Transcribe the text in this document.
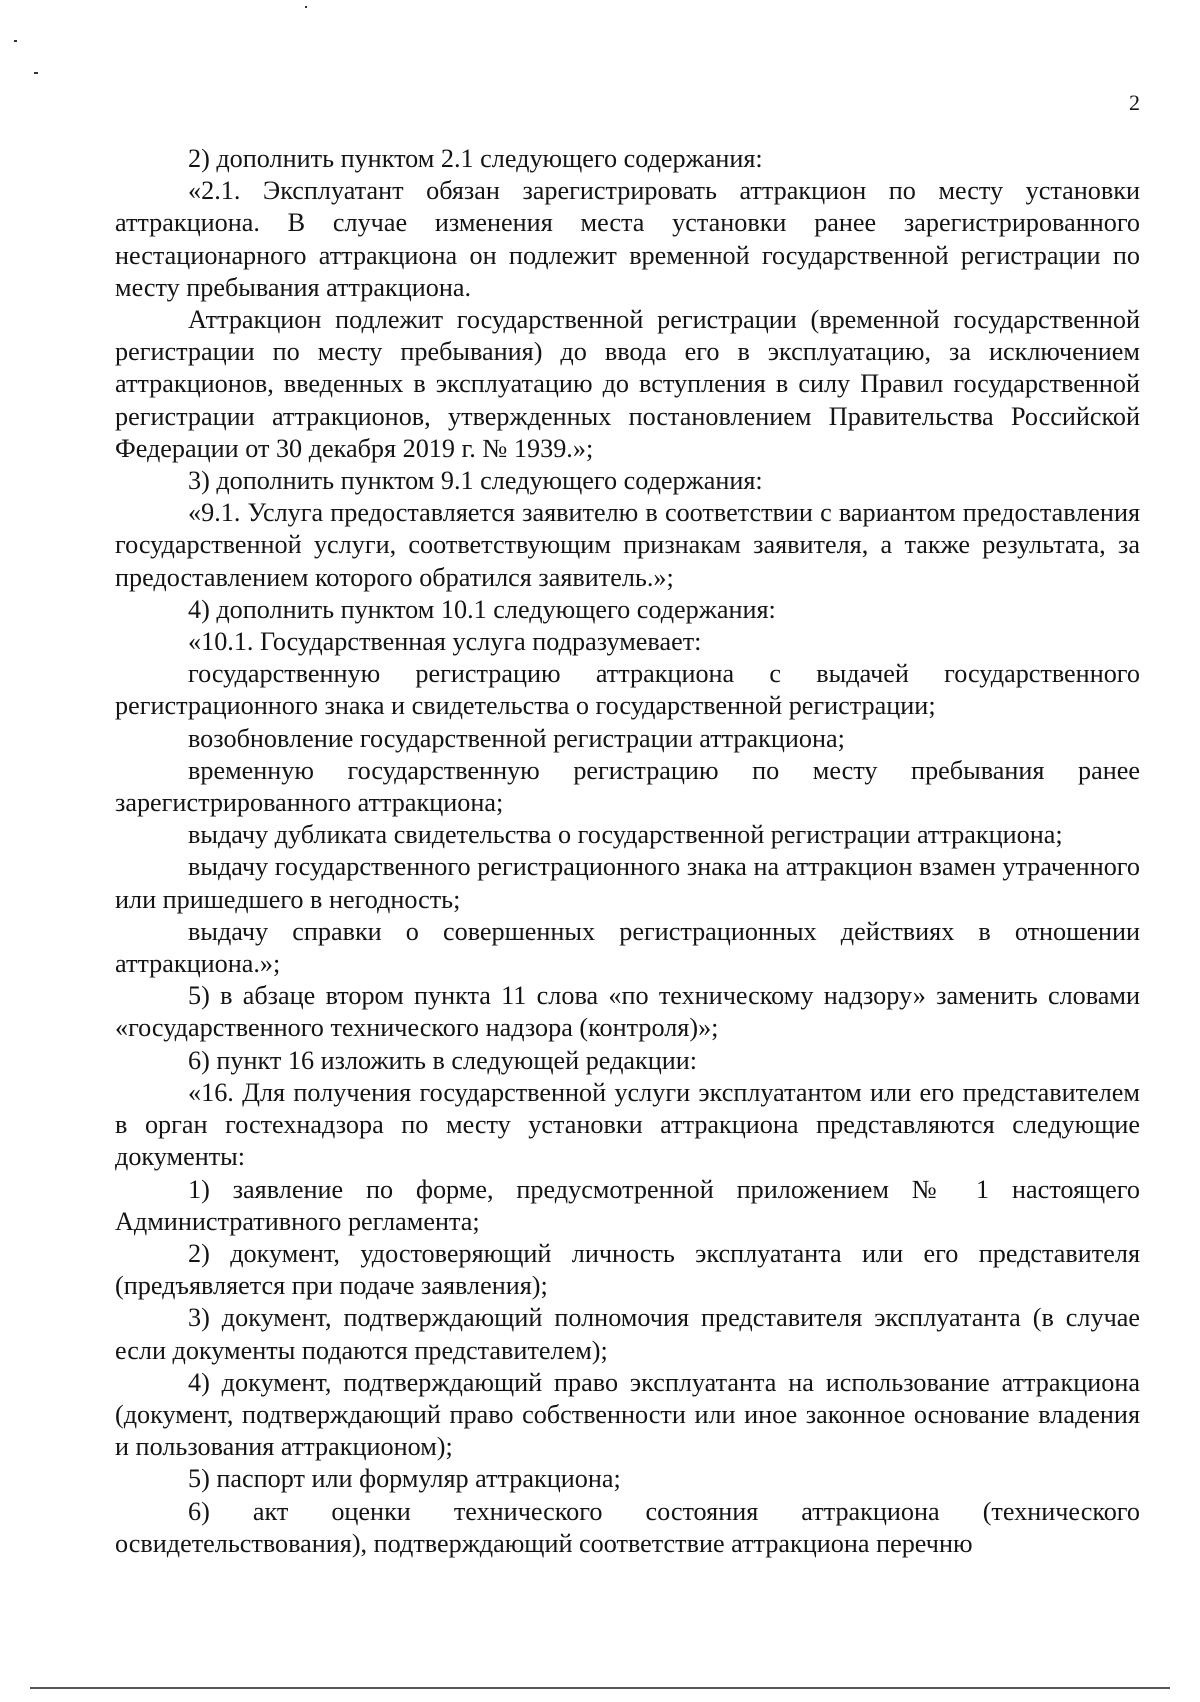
2

2) дополнить пунктом 2.1 следующего содержания:

«2.1. Эксплуатант обязан зарегистрировать аттракцион по месту установки аттракциона. В случае изменения места установки ранее зарегистрированного нестационарного аттракциона он подлежит временной государственной регистрации по месту пребывания аттракциона.

Аттракцион подлежит государственной регистрации (временной государственной регистрации по месту пребывания) до ввода его в эксплуатацию, за исключением аттракционов, введенных в эксплуатацию до вступления в силу Правил государственной регистрации аттракционов, утвержденных постановлением Правительства Российской Федерации от 30 декабря 2019 г. № 1939.»;

3) дополнить пунктом 9.1 следующего содержания:

«9.1. Услуга предоставляется заявителю в соответствии с вариантом предоставления государственной услуги, соответствующим признакам заявителя, а также результата, за предоставлением которого обратился заявитель.»;

4) дополнить пунктом 10.1 следующего содержания:

«10.1. Государственная услуга подразумевает:

государственную регистрацию аттракциона с выдачей государственного регистрационного знака и свидетельства о государственной регистрации;

возобновление государственной регистрации аттракциона;

временную государственную регистрацию по месту пребывания ранее зарегистрированного аттракциона;

выдачу дубликата свидетельства о государственной регистрации аттракциона;

выдачу государственного регистрационного знака на аттракцион взамен утраченного или пришедшего в негодность;

выдачу справки о совершенных регистрационных действиях в отношении аттракциона.»;

5) в абзаце втором пункта 11 слова «по техническому надзору» заменить словами «государственного технического надзора (контроля)»;

6) пункт 16 изложить в следующей редакции:

«16. Для получения государственной услуги эксплуатантом или его представителем в орган гостехнадзора по месту установки аттракциона представляются следующие документы:

1) заявление по форме, предусмотренной приложением № 1 настоящего Административного регламента;

2) документ, удостоверяющий личность эксплуатанта или его представителя (предъявляется при подаче заявления);

3) документ, подтверждающий полномочия представителя эксплуатанта (в случае если документы подаются представителем);

4) документ, подтверждающий право эксплуатанта на использование аттракциона (документ, подтверждающий право собственности или иное законное основание владения и пользования аттракционом);

5) паспорт или формуляр аттракциона;

6) акт оценки технического состояния аттракциона (технического освидетельствования), подтверждающий соответствие аттракциона перечню
